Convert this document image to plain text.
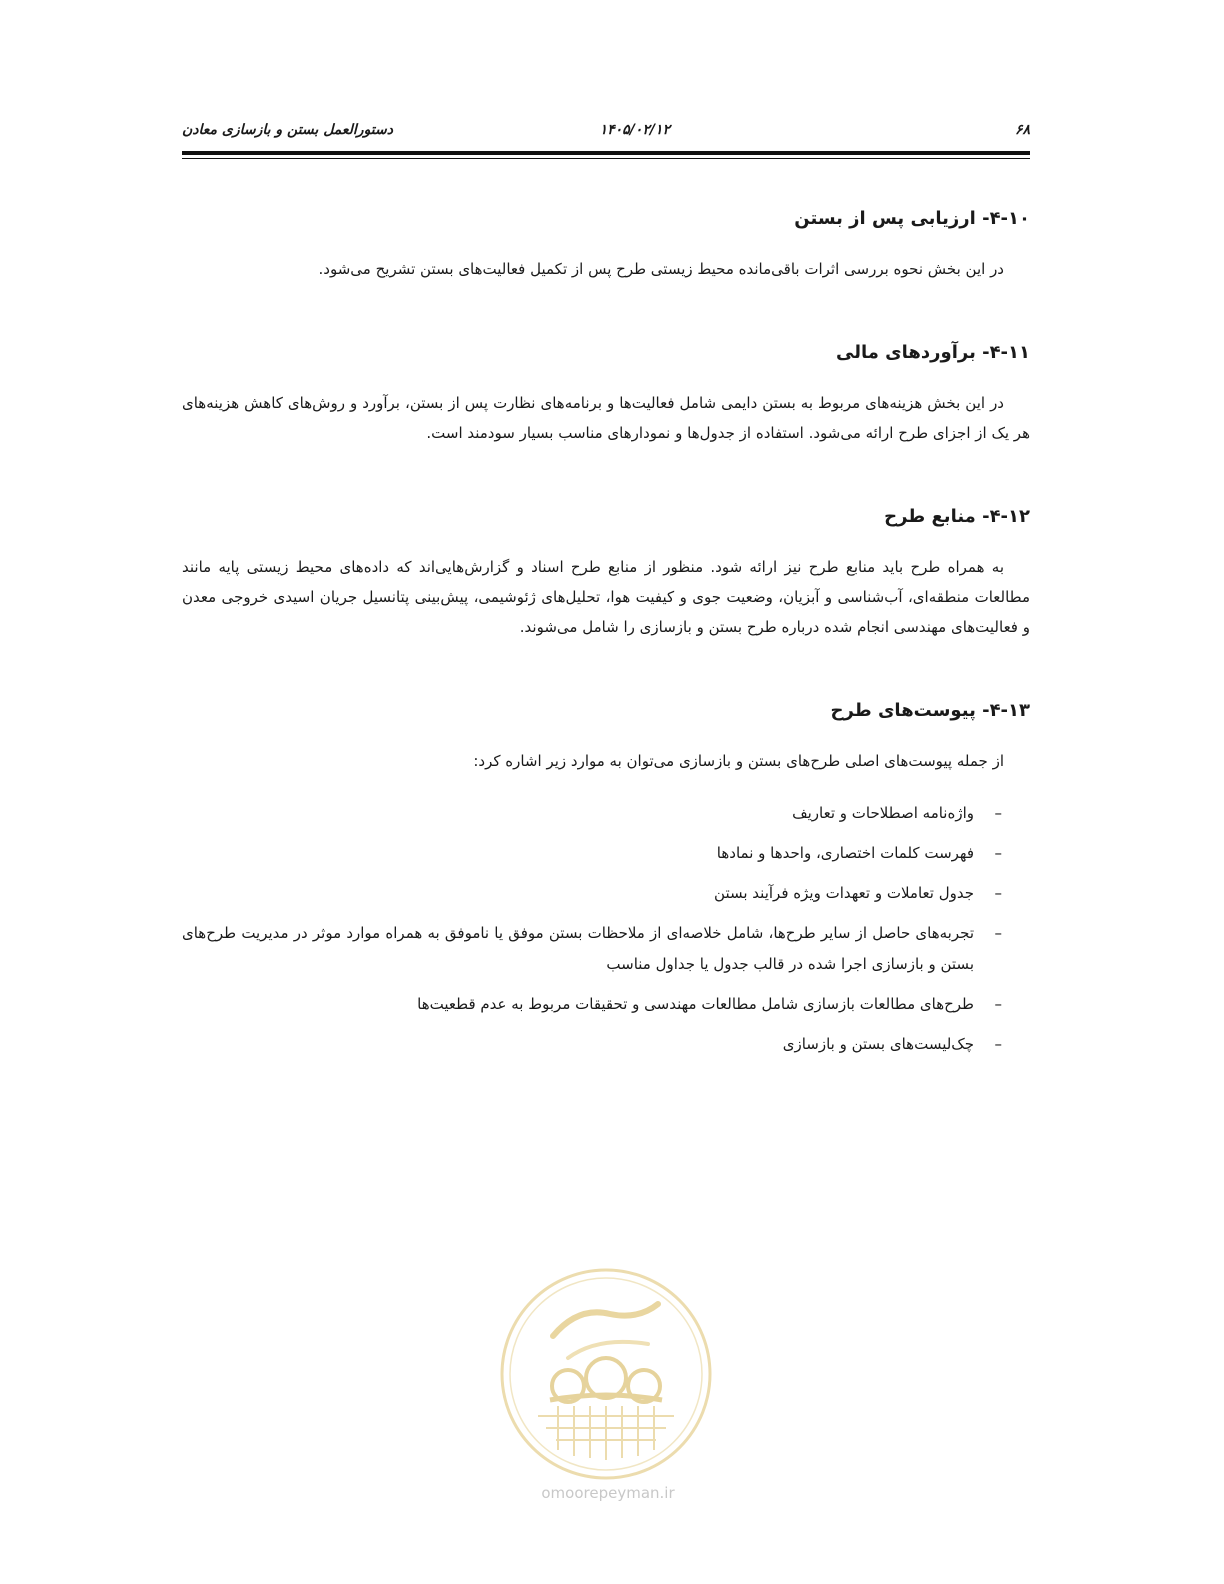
۶۸
۱۴۰۵/۰۲/۱۲
دستورالعمل بستن و بازسازی معادن
۴-۱۰- ارزیابی پس از بستن

در این بخش نحوه بررسی اثرات باقی‌مانده محیط زیستی طرح پس از تکمیل فعالیت‌های بستن تشریح می‌شود.

۴-۱۱- برآوردهای مالی

در این بخش هزینه‌های مربوط به بستن دایمی شامل فعالیت‌ها و برنامه‌های نظارت پس از بستن، برآورد و روش‌های کاهش هزینه‌های هر یک از اجزای طرح ارائه می‌شود. استفاده از جدول‌ها و نمودارهای مناسب بسیار سودمند است.

۴-۱۲- منابع طرح

به همراه طرح باید منابع طرح نیز ارائه شود. منظور از منابع طرح اسناد و گزارش‌هایی‌اند که داده‌های محیط زیستی پایه مانند مطالعات منطقه‌ای، آب‌شناسی و آبزیان، وضعیت جوی و کیفیت هوا، تحلیل‌های ژئوشیمی، پیش‌بینی پتانسیل جریان اسیدی خروجی معدن و فعالیت‌های مهندسی انجام شده درباره طرح بستن و بازسازی را شامل می‌شوند.

۴-۱۳- پیوست‌های طرح

از جمله پیوست‌های اصلی طرح‌های بستن و بازسازی می‌توان به موارد زیر اشاره کرد:

–
واژه‌نامه اصطلاحات و تعاریف
–
فهرست کلمات اختصاری، واحدها و نمادها
–
جدول تعاملات و تعهدات ویژه فرآیند بستن
–
تجربه‌های حاصل از سایر طرح‌ها، شامل خلاصه‌ای از ملاحظات بستن موفق یا ناموفق به همراه موارد موثر در مدیریت طرح‌های بستن و بازسازی اجرا شده در قالب جدول یا جداول مناسب
–
طرح‌های مطالعات بازسازی شامل مطالعات مهندسی و تحقیقات مربوط به عدم قطعیت‌ها
–
چک‌لیست‌های بستن و بازسازی
omoorepeyman.ir
